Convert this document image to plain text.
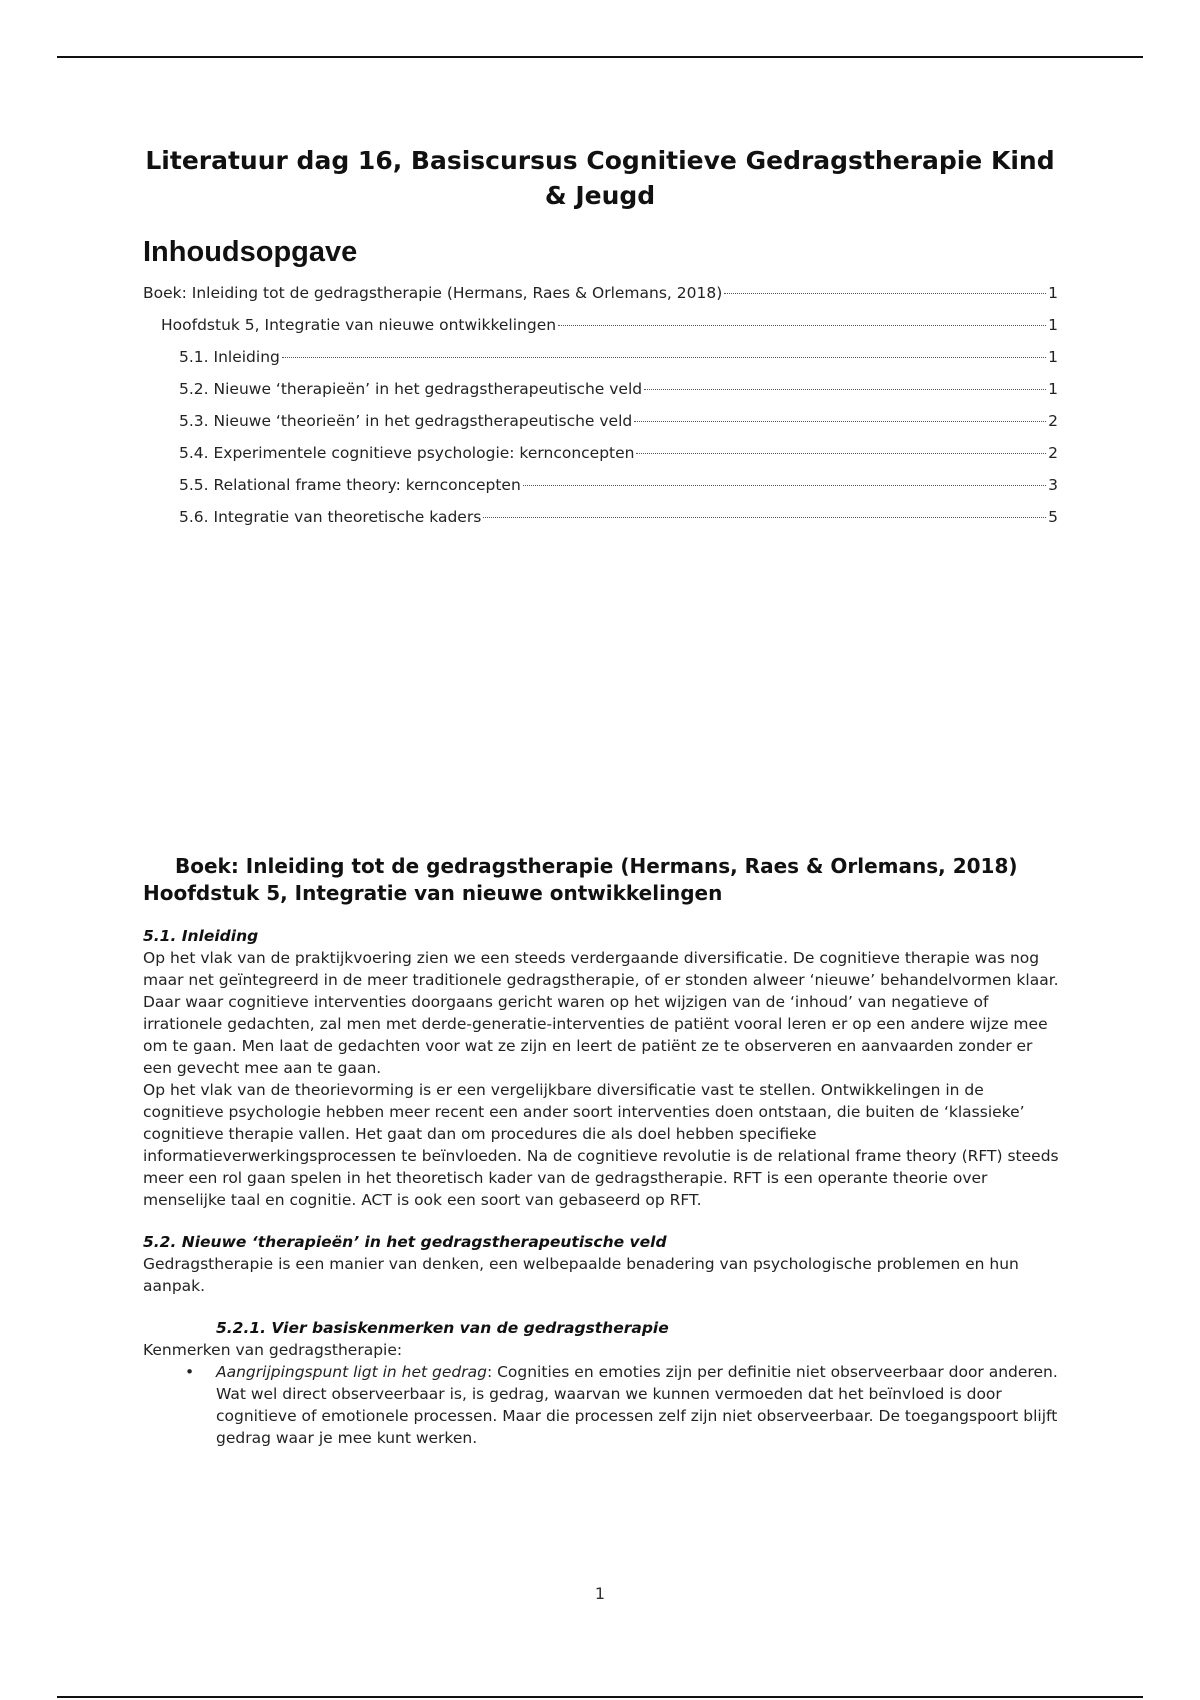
Literatuur dag 16, Basiscursus Cognitieve Gedragstherapie Kind & Jeugd
Inhoudsopgave
Boek: Inleiding tot de gedragstherapie (Hermans, Raes & Orlemans, 2018)	1
Hoofdstuk 5, Integratie van nieuwe ontwikkelingen	1
5.1. Inleiding	1
5.2. Nieuwe ‘therapieën’ in het gedragstherapeutische veld	1
5.3. Nieuwe ‘theorieën’ in het gedragstherapeutische veld	2
5.4. Experimentele cognitieve psychologie: kernconcepten	2
5.5. Relational frame theory: kernconcepten	3
5.6. Integratie van theoretische kaders	5
Boek: Inleiding tot de gedragstherapie (Hermans, Raes & Orlemans, 2018)
Hoofdstuk 5, Integratie van nieuwe ontwikkelingen

5.1. Inleiding

Op het vlak van de praktijkvoering zien we een steeds verdergaande diversificatie. De cognitieve therapie was nog maar net geïntegreerd in de meer traditionele gedragstherapie, of er stonden alweer ‘nieuwe’ behandelvormen klaar. Daar waar cognitieve interventies doorgaans gericht waren op het wijzigen van de ‘inhoud’ van negatieve of irrationele gedachten, zal men met derde-generatie-interventies de patiënt vooral leren er op een andere wijze mee om te gaan. Men laat de gedachten voor wat ze zijn en leert de patiënt ze te observeren en aanvaarden zonder er een gevecht mee aan te gaan.

Op het vlak van de theorievorming is er een vergelijkbare diversificatie vast te stellen. Ontwikkelingen in de cognitieve psychologie hebben meer recent een ander soort interventies doen ontstaan, die buiten de ‘klassieke’ cognitieve therapie vallen. Het gaat dan om procedures die als doel hebben specifieke informatieverwerkingsprocessen te beïnvloeden. Na de cognitieve revolutie is de relational frame theory (RFT) steeds meer een rol gaan spelen in het theoretisch kader van de gedragstherapie. RFT is een operante theorie over menselijke taal en cognitie. ACT is ook een soort van gebaseerd op RFT.

5.2. Nieuwe ‘therapieën’ in het gedragstherapeutische veld

Gedragstherapie is een manier van denken, een welbepaalde benadering van psychologische problemen en hun aanpak.

5.2.1. Vier basiskenmerken van de gedragstherapie

Kenmerken van gedragstherapie:

• Aangrijpingspunt ligt in het gedrag: Cognities en emoties zijn per definitie niet observeerbaar door anderen. Wat wel direct observeerbaar is, is gedrag, waarvan we kunnen vermoeden dat het beïnvloed is door cognitieve of emotionele processen. Maar die processen zelf zijn niet observeerbaar. De toegangspoort blijft gedrag waar je mee kunt werken.
1
